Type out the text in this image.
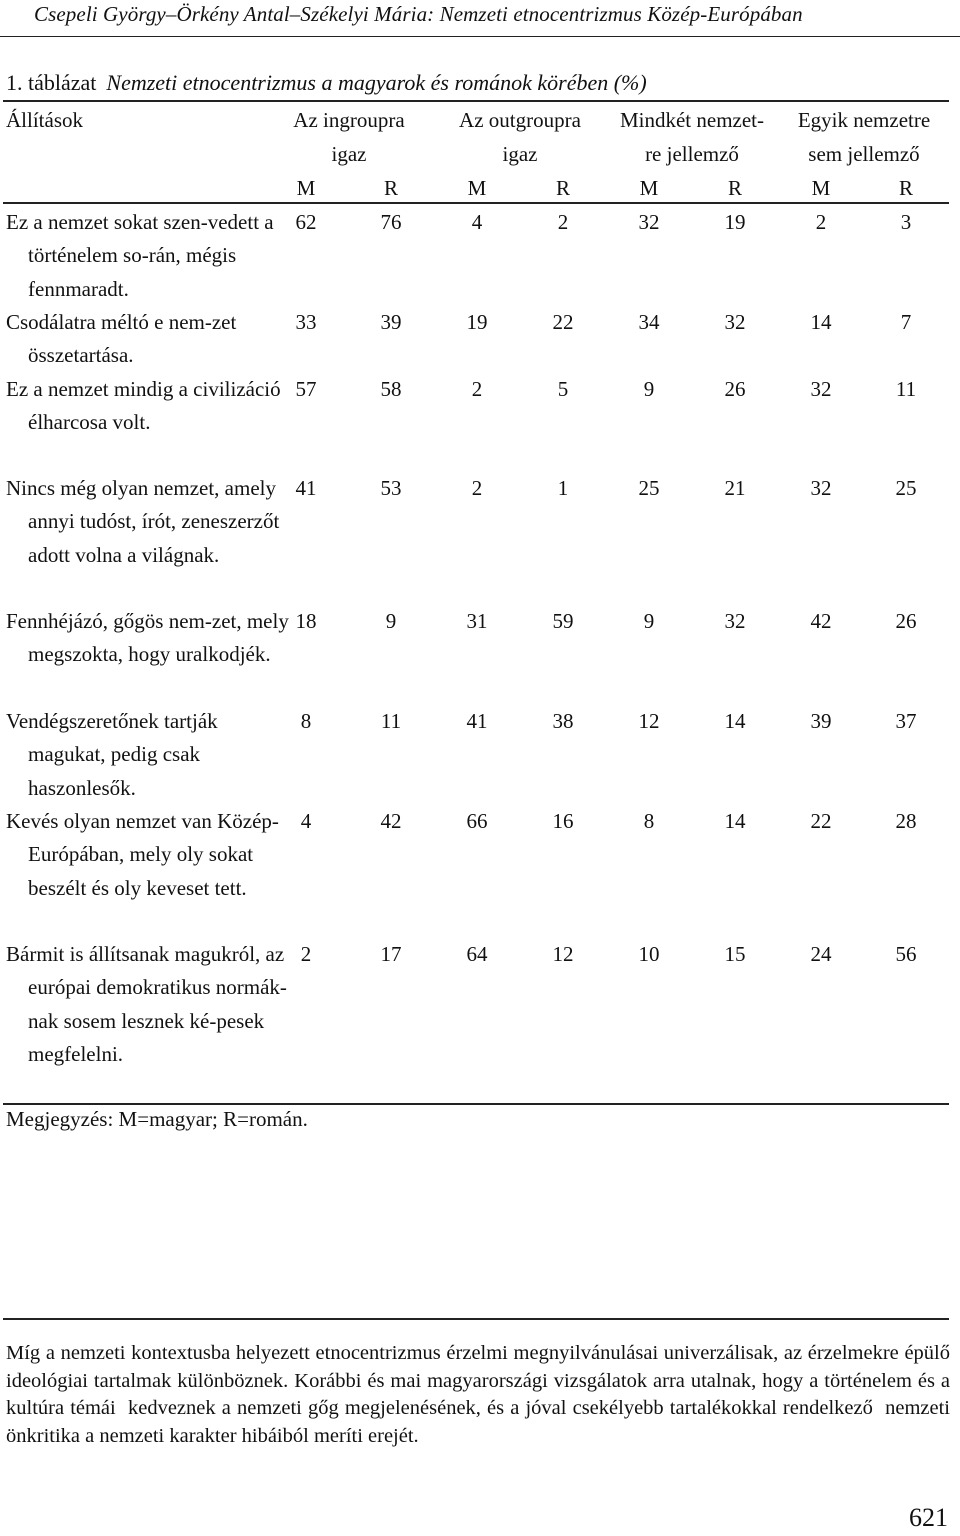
Csepeli György–Örkény Antal–Székelyi Mária: Nemzeti etnocentrizmus Közép-Európában
1. táblázat Nemzeti etnocentrizmus a magyarok és románok körében (%)
Állítások	Az ingroupra
igaz
Az outgroupra
igaz
Mindkét nemzet-
re jellemző
Egyik nemzetre
sem jellemző
M	R	M	R	M	R	M	R

Ez a nemzet sokat szen-vedett a történelem so-rán, mégis fennmaradt.

62	76	4	2	32	19	2	3

Csodálatra méltó e nem-zet összetartása.

33	39	19	22	34	32	14	7

Ez a nemzet mindig a civilizáció élharcosa volt.

57	58	2	5	9	26	32	11

Nincs még olyan nemzet, amely annyi tudóst, írót, zeneszerzőt adott volna a világnak.

41	53	2	1	25	21	32	25

Fennhéjázó, gőgös nem-zet, mely megszokta, hogy uralkodjék.

18	9	31	59	9	32	42	26

Vendégszeretőnek tartják magukat, pedig csak haszonlesők.

8	11	41	38	12	14	39	37

Kevés olyan nemzet van Közép-Európában, mely oly sokat beszélt és oly keveset tett.

4	42	66	16	8	14	22	28

Bármit is állítsanak magukról, az európai demokratikus normák-nak sosem lesznek ké-pesek megfelelni.

2	17	64	12	10	15	24	56
Megjegyzés: M=magyar; R=román.

Míg a nemzeti kontextusba helyezett etnocentrizmus érzelmi megnyilvánulásai univerzálisak, az érzelmekre épülő ideológiai tartalmak különböznek. Korábbi és mai magyarországi vizsgálatok arra utalnak, hogy a történelem és a kultúra témái  kedveznek a nemzeti gőg megjelenésének, és a jóval csekélyebb tartalékokkal rendelkező  nemzeti önkritika a nemzeti karakter hibáiból meríti erejét.

621
